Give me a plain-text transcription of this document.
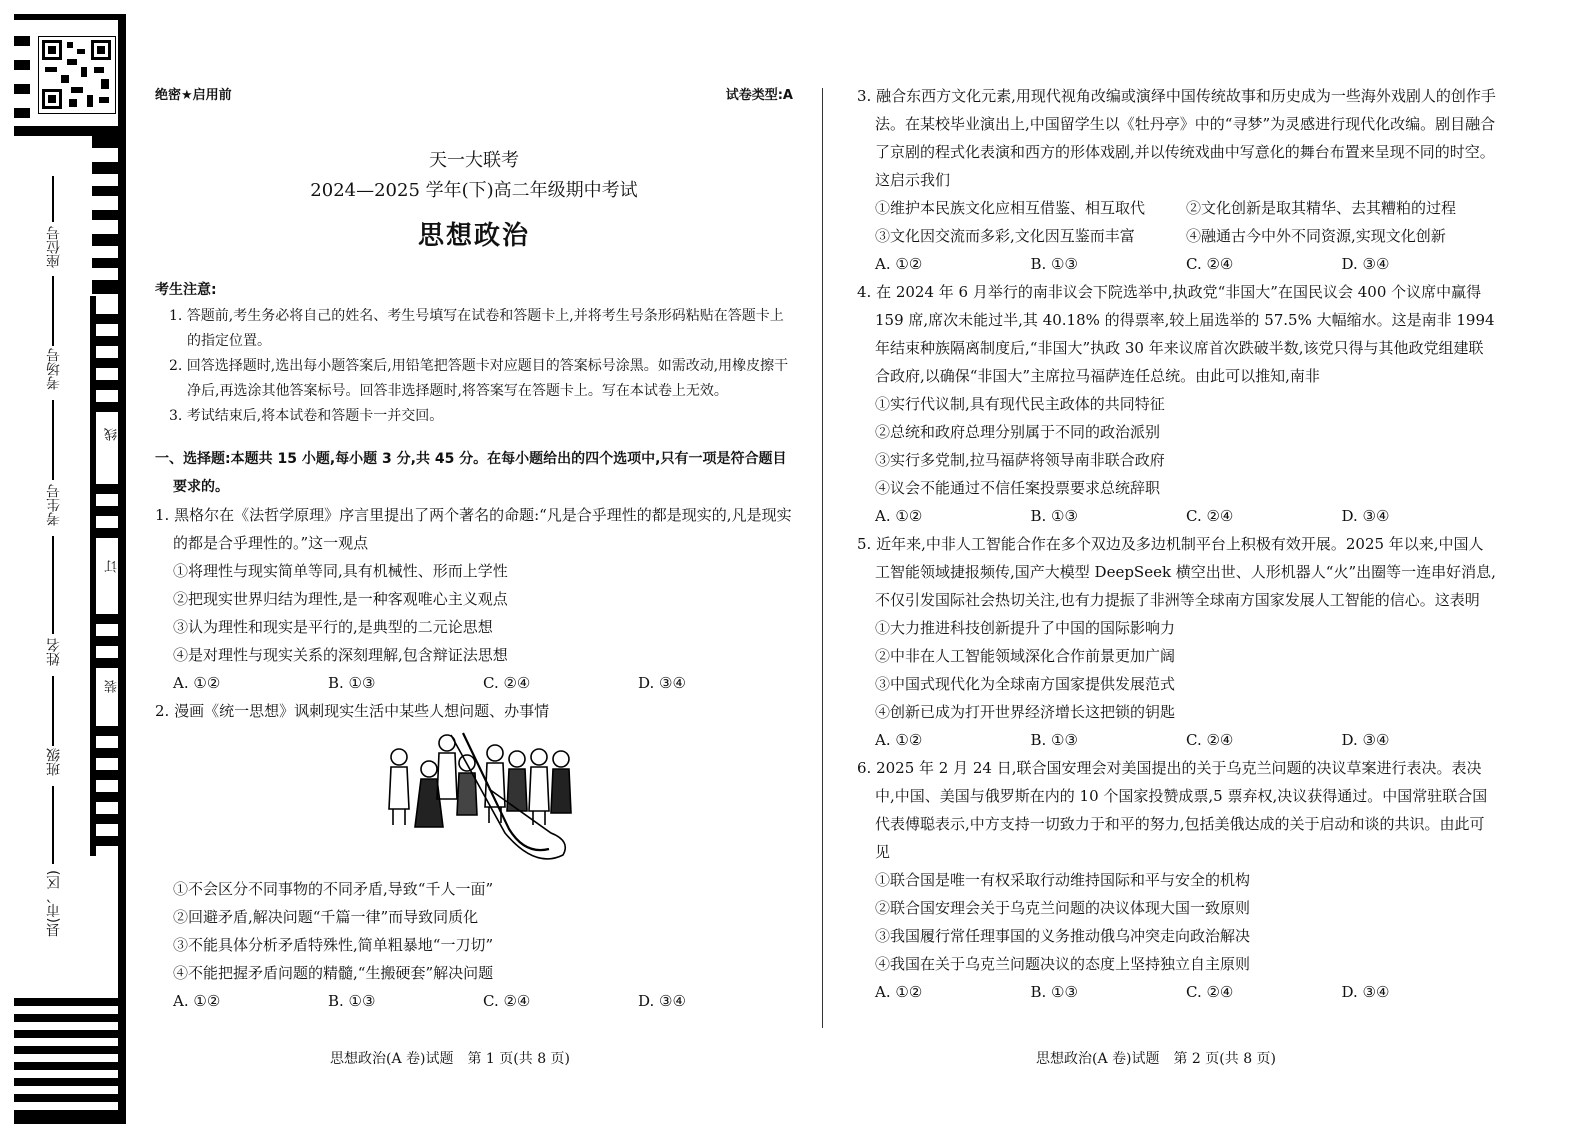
座位号
考场号
考生号
姓名
班级
县(市、区)
线
订
装
绝密★启用前	试卷类型:A
天一大联考
2024—2025 学年(下)高二年级期中考试
思想政治
考生注意:
1. 答题前,考生务必将自己的姓名、考生号填写在试卷和答题卡上,并将考生号条形码粘贴在答题卡上的指定位置。
2. 回答选择题时,选出每小题答案后,用铅笔把答题卡对应题目的答案标号涂黑。如需改动,用橡皮擦干净后,再选涂其他答案标号。回答非选择题时,将答案写在答题卡上。写在本试卷上无效。
3. 考试结束后,将本试卷和答题卡一并交回。
一、选择题:本题共 15 小题,每小题 3 分,共 45 分。在每小题给出的四个选项中,只有一项是符合题目要求的。
1. 黑格尔在《法哲学原理》序言里提出了两个著名的命题:“凡是合乎理性的都是现实的,凡是现实的都是合乎理性的。”这一观点
①将理性与现实简单等同,具有机械性、形而上学性
②把现实世界归结为理性,是一种客观唯心主义观点
③认为理性和现实是平行的,是典型的二元论思想
④是对理性与现实关系的深刻理解,包含辩证法思想
A. ①②	B. ①③	C. ②④	D. ③④
2. 漫画《统一思想》讽刺现实生活中某些人想问题、办事情
①不会区分不同事物的不同矛盾,导致“千人一面”
②回避矛盾,解决问题“千篇一律”而导致同质化
③不能具体分析矛盾特殊性,简单粗暴地“一刀切”
④不能把握矛盾问题的精髓,“生搬硬套”解决问题
A. ①②	B. ①③	C. ②④	D. ③④
3. 融合东西方文化元素,用现代视角改编或演绎中国传统故事和历史成为一些海外戏剧人的创作手法。在某校毕业演出上,中国留学生以《牡丹亭》中的“寻梦”为灵感进行现代化改编。剧目融合了京剧的程式化表演和西方的形体戏剧,并以传统戏曲中写意化的舞台布置来呈现不同的时空。这启示我们
①维护本民族文化应相互借鉴、相互取代	②文化创新是取其精华、去其糟粕的过程
③文化因交流而多彩,文化因互鉴而丰富	④融通古今中外不同资源,实现文化创新
A. ①②	B. ①③	C. ②④	D. ③④
4. 在 2024 年 6 月举行的南非议会下院选举中,执政党“非国大”在国民议会 400 个议席中赢得 159 席,席次未能过半,其 40.18% 的得票率,较上届选举的 57.5% 大幅缩水。这是南非 1994 年结束种族隔离制度后,“非国大”执政 30 年来议席首次跌破半数,该党只得与其他政党组建联合政府,以确保“非国大”主席拉马福萨连任总统。由此可以推知,南非
①实行代议制,具有现代民主政体的共同特征
②总统和政府总理分别属于不同的政治派别
③实行多党制,拉马福萨将领导南非联合政府
④议会不能通过不信任案投票要求总统辞职
A. ①②	B. ①③	C. ②④	D. ③④
5. 近年来,中非人工智能合作在多个双边及多边机制平台上积极有效开展。2025 年以来,中国人工智能领域捷报频传,国产大模型 DeepSeek 横空出世、人形机器人“火”出圈等一连串好消息,不仅引发国际社会热切关注,也有力提振了非洲等全球南方国家发展人工智能的信心。这表明
①大力推进科技创新提升了中国的国际影响力
②中非在人工智能领域深化合作前景更加广阔
③中国式现代化为全球南方国家提供发展范式
④创新已成为打开世界经济增长这把锁的钥匙
A. ①②	B. ①③	C. ②④	D. ③④
6. 2025 年 2 月 24 日,联合国安理会对美国提出的关于乌克兰问题的决议草案进行表决。表决中,中国、美国与俄罗斯在内的 10 个国家投赞成票,5 票弃权,决议获得通过。中国常驻联合国代表傅聪表示,中方支持一切致力于和平的努力,包括美俄达成的关于启动和谈的共识。由此可见
①联合国是唯一有权采取行动维持国际和平与安全的机构
②联合国安理会关于乌克兰问题的决议体现大国一致原则
③我国履行常任理事国的义务推动俄乌冲突走向政治解决
④我国在关于乌克兰问题决议的态度上坚持独立自主原则
A. ①②	B. ①③	C. ②④	D. ③④
思想政治(A 卷)试题　第 1 页(共 8 页)	思想政治(A 卷)试题　第 2 页(共 8 页)
